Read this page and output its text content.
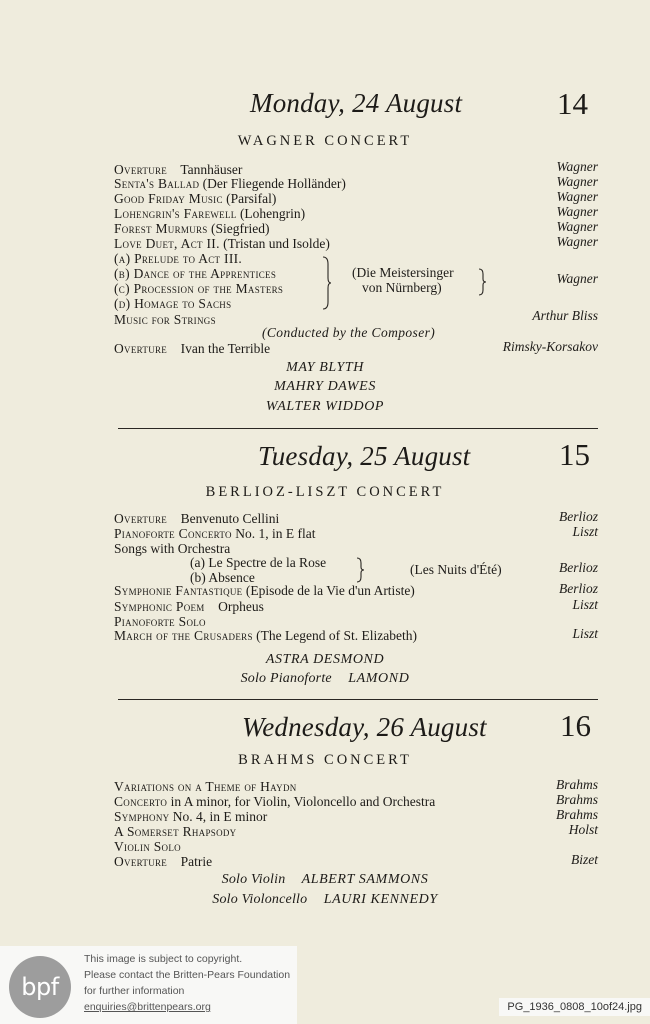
Monday, 24 August	14
WAGNER CONCERT
Overture Tannhäuser	Wagner
Senta's Ballad (Der Fliegende Holländer)	Wagner
Good Friday Music (Parsifal)	Wagner
Lohengrin's Farewell (Lohengrin)	Wagner
Forest Murmurs (Siegfried)	Wagner
Love Duet, Act II. (Tristan und Isolde)	Wagner
(a) Prelude to Act III.
(b) Dance of the Apprentices
(c) Procession of the Masters
(d) Homage to Sachs
(Die Meistersinger
von Nürnberg)
Wagner
Music for Strings	Arthur Bliss
(Conducted by the Composer)
Overture Ivan the Terrible	Rimsky-Korsakov
MAY BLYTH
MAHRY DAWES
WALTER WIDDOP
Tuesday, 25 August	15
BERLIOZ-LISZT CONCERT
Overture Benvenuto Cellini	Berlioz
Pianoforte Concerto No. 1, in E flat	Liszt
Songs with Orchestra
(a) Le Spectre de la Rose
(b) Absence
(Les Nuits d'Été)	Berlioz
Symphonie Fantastique (Episode de la Vie d'un Artiste)	Berlioz
Symphonic Poem Orpheus	Liszt
Pianoforte Solo
March of the Crusaders (The Legend of St. Elizabeth)	Liszt
ASTRA DESMOND
Solo Pianoforte LAMOND
Wednesday, 26 August 16
BRAHMS CONCERT
Variations on a Theme of Haydn	Brahms
Concerto in A minor, for Violin, Violoncello and Orchestra	Brahms
Symphony No. 4, in E minor	Brahms
A Somerset Rhapsody	Holst
Violin Solo
Overture Patrie	Bizet
Solo Violin ALBERT SAMMONS
Solo Violoncello LAURI KENNEDY
bpf
This image is subject to copyright.
Please contact the Britten-Pears Foundation
for further information
enquiries@brittenpears.org	PG_1936_0808_10of24.jpg
